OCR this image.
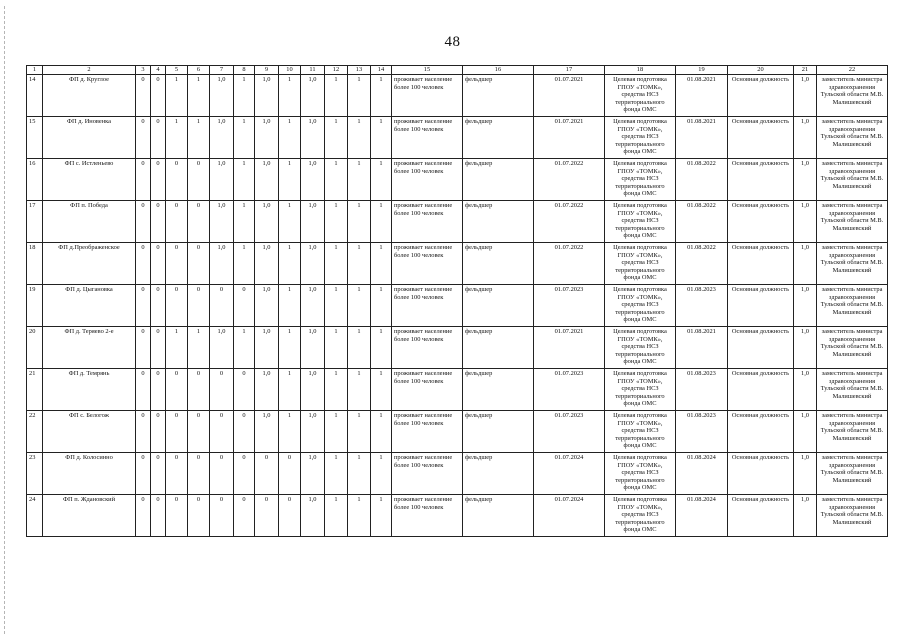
48
1	2	3	4	5	6	7	8	9	10	11	12	13	14	15	16	17	18	19	20	21	22
14	ФП д. Круглое	0	0	1	1	1,0	1	1,0	1	1,0	1	1	1	проживает население более 100 человек	фельдшер	01.07.2021	Целевая подготовка ГПОУ «ТОМК», средства НСЗ территориального фонда ОМС	01.08.2021	Основная должность	1,0	заместитель министра здравоохранения Тульской области М.В. Малишевский
15	ФП д. Иновенка	0	0	1	1	1,0	1	1,0	1	1,0	1	1	1	проживает население более 100 человек	фельдшер	01.07.2021	Целевая подготовка ГПОУ «ТОМК», средства НСЗ территориального фонда ОМС	01.08.2021	Основная должность	1,0	заместитель министра здравоохранения Тульской области М.В. Малишевский
16	ФП с. Истленьево	0	0	0	0	1,0	1	1,0	1	1,0	1	1	1	проживает население более 100 человек	фельдшер	01.07.2022	Целевая подготовка ГПОУ «ТОМК», средства НСЗ территориального фонда ОМС	01.08.2022	Основная должность	1,0	заместитель министра здравоохранения Тульской области М.В. Малишевский
17	ФП п. Победа	0	0	0	0	1,0	1	1,0	1	1,0	1	1	1	проживает население более 100 человек	фельдшер	01.07.2022	Целевая подготовка ГПОУ «ТОМК», средства НСЗ территориального фонда ОМС	01.08.2022	Основная должность	1,0	заместитель министра здравоохранения Тульской области М.В. Малишевский
18	ФП д.Преображенское	0	0	0	0	1,0	1	1,0	1	1,0	1	1	1	проживает население более 100 человек	фельдшер	01.07.2022	Целевая подготовка ГПОУ «ТОМК», средства НСЗ территориального фонда ОМС	01.08.2022	Основная должность	1,0	заместитель министра здравоохранения Тульской области М.В. Малишевский
19	ФП д. Цыгановка	0	0	0	0	0	0	1,0	1	1,0	1	1	1	проживает население более 100 человек	фельдшер	01.07.2023	Целевая подготовка ГПОУ «ТОМК», средства НСЗ территориального фонда ОМС	01.08.2023	Основная должность	1,0	заместитель министра здравоохранения Тульской области М.В. Малишевский
20	ФП д. Теряево 2-е	0	0	1	1	1,0	1	1,0	1	1,0	1	1	1	проживает население более 100 человек	фельдшер	01.07.2021	Целевая подготовка ГПОУ «ТОМК», средства НСЗ территориального фонда ОМС	01.08.2021	Основная должность	1,0	заместитель министра здравоохранения Тульской области М.В. Малишевский
21	ФП д. Темрянь	0	0	0	0	0	0	1,0	1	1,0	1	1	1	проживает население более 100 человек	фельдшер	01.07.2023	Целевая подготовка ГПОУ «ТОМК», средства НСЗ территориального фонда ОМС	01.08.2023	Основная должность	1,0	заместитель министра здравоохранения Тульской области М.В. Малишевский
22	ФП с. Белогож	0	0	0	0	0	0	1,0	1	1,0	1	1	1	проживает население более 100 человек	фельдшер	01.07.2023	Целевая подготовка ГПОУ «ТОМК», средства НСЗ территориального фонда ОМС	01.08.2023	Основная должность	1,0	заместитель министра здравоохранения Тульской области М.В. Малишевский
23	ФП д. Колосинно	0	0	0	0	0	0	0	0	1,0	1	1	1	проживает население более 100 человек	фельдшер	01.07.2024	Целевая подготовка ГПОУ «ТОМК», средства НСЗ территориального фонда ОМС	01.08.2024	Основная должность	1,0	заместитель министра здравоохранения Тульской области М.В. Малишевский
24	ФП п. Ждановский	0	0	0	0	0	0	0	0	1,0	1	1	1	проживает население более 100 человек	фельдшер	01.07.2024	Целевая подготовка ГПОУ «ТОМК», средства НСЗ территориального фонда ОМС	01.08.2024	Основная должность	1,0	заместитель министра здравоохранения Тульской области М.В. Малишевский
